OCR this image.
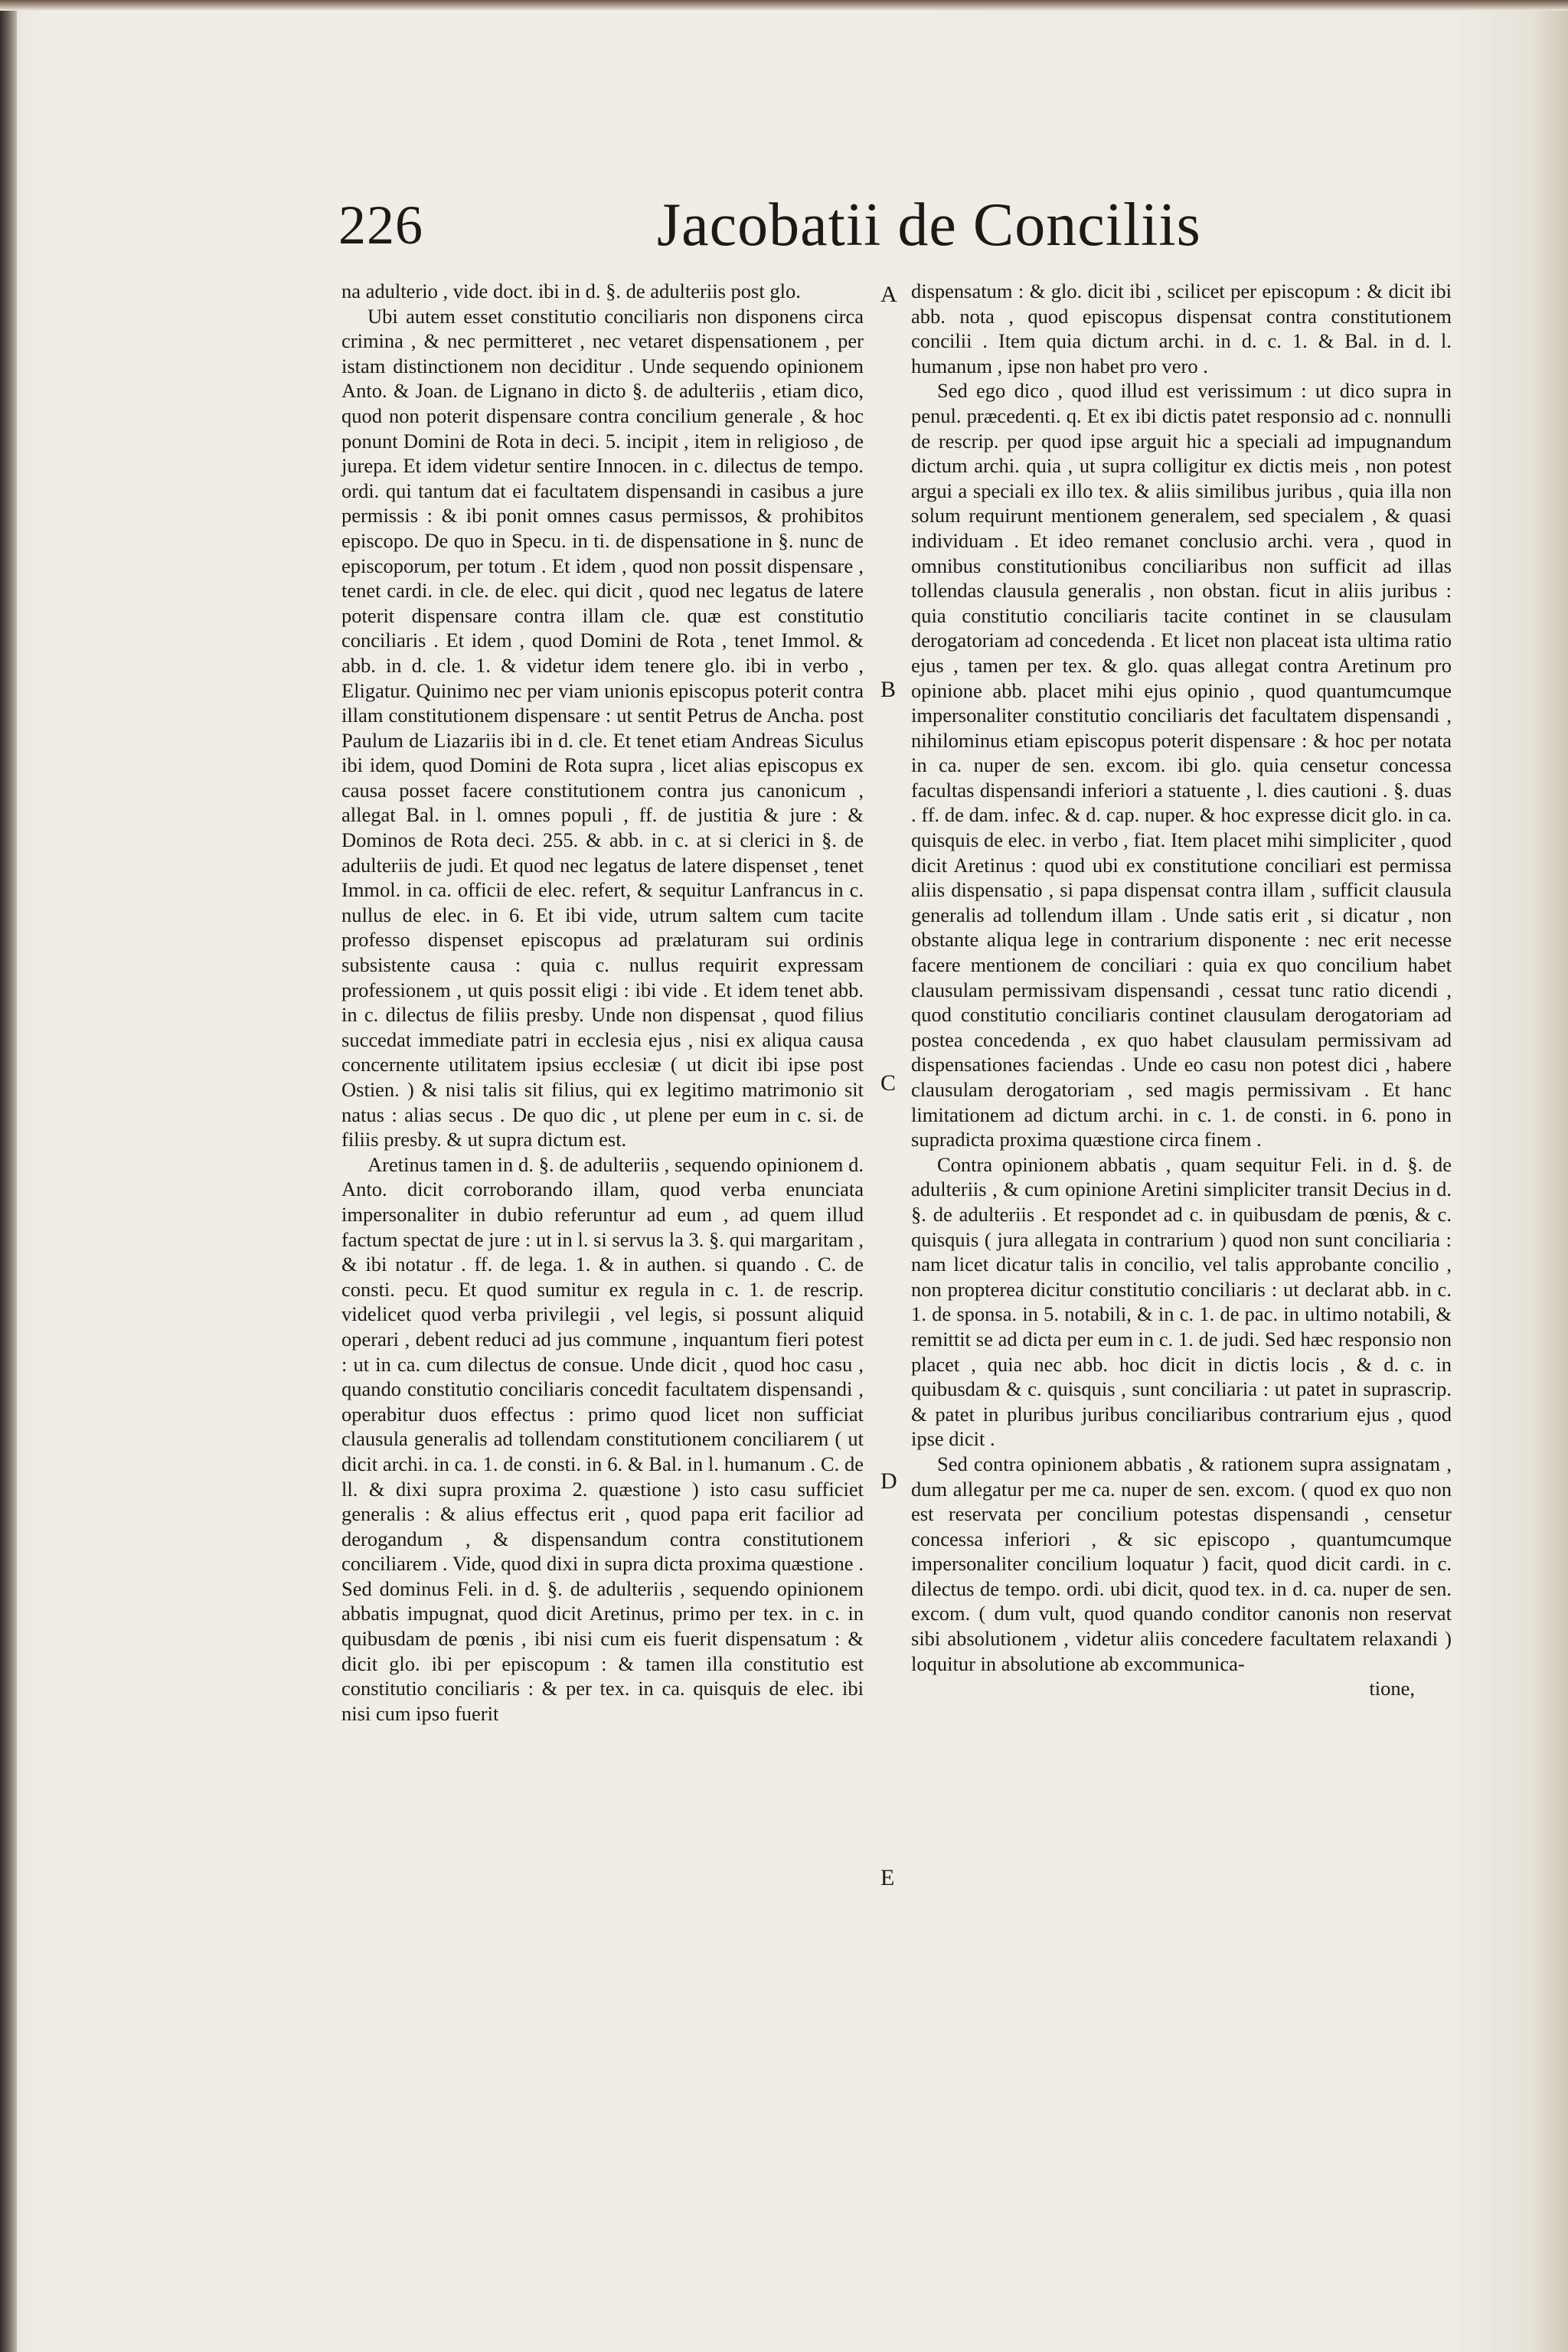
226	Jacobatii de Conciliis

na adulterio , vide doct. ibi in d. §. de adulteriis post glo.

Ubi autem esset constitutio conciliaris non disponens circa crimina , & nec permitteret , nec vetaret dispensationem , per istam distinctionem non deciditur . Unde sequendo opinionem Anto. & Joan. de Lignano in dicto §. de adulteriis , etiam dico, quod non poterit dispensare contra concilium generale , & hoc ponunt Domini de Rota in deci. 5. incipit , item in religioso , de jurepa. Et idem videtur sentire Innocen. in c. dilectus de tempo. ordi. qui tantum dat ei facultatem dispensandi in casibus a jure permissis : & ibi ponit omnes casus permissos, & prohibitos episcopo. De quo in Specu. in ti. de dispensatione in §. nunc de episcoporum, per totum . Et idem , quod non possit dispensare , tenet cardi. in cle. de elec. qui dicit , quod nec legatus de latere poterit dispensare contra illam cle. quæ est constitutio conciliaris . Et idem , quod Domini de Rota , tenet Immol. & abb. in d. cle. 1. & videtur idem tenere glo. ibi in verbo , Eligatur. Quinimo nec per viam unionis episcopus poterit contra illam constitutionem dispensare : ut sentit Petrus de Ancha. post Paulum de Liazariis ibi in d. cle. Et tenet etiam Andreas Siculus ibi idem, quod Domini de Rota supra , licet alias episcopus ex causa posset facere constitutionem contra jus canonicum , allegat Bal. in l. omnes populi , ff. de justitia & jure : & Dominos de Rota deci. 255. & abb. in c. at si clerici in §. de adulteriis de judi. Et quod nec legatus de latere dispenset , tenet Immol. in ca. officii de elec. refert, & sequitur Lanfrancus in c. nullus de elec. in 6. Et ibi vide, utrum saltem cum tacite professo dispenset episcopus ad prælaturam sui ordinis subsistente causa : quia c. nullus requirit expressam professionem , ut quis possit eligi : ibi vide . Et idem tenet abb. in c. dilectus de filiis presby. Unde non dispensat , quod filius succedat immediate patri in ecclesia ejus , nisi ex aliqua causa concernente utilitatem ipsius ecclesiæ ( ut dicit ibi ipse post Ostien. ) & nisi talis sit filius, qui ex legitimo matrimonio sit natus : alias secus . De quo dic , ut plene per eum in c. si. de filiis presby. & ut supra dictum est.

Aretinus tamen in d. §. de adulteriis , sequendo opinionem d. Anto. dicit corroborando illam, quod verba enunciata impersonaliter in dubio referuntur ad eum , ad quem illud factum spectat de jure : ut in l. si servus la 3. §. qui margaritam , & ibi notatur . ff. de lega. 1. & in authen. si quando . C. de consti. pecu. Et quod sumitur ex regula in c. 1. de rescrip. videlicet quod verba privilegii , vel legis, si possunt aliquid operari , debent reduci ad jus commune , inquantum fieri potest : ut in ca. cum dilectus de consue. Unde dicit , quod hoc casu , quando constitutio conciliaris concedit facultatem dispensandi , operabitur duos effectus : primo quod licet non sufficiat clausula generalis ad tollendam constitutionem conciliarem ( ut dicit archi. in ca. 1. de consti. in 6. & Bal. in l. humanum . C. de ll. & dixi supra proxima 2. quæstione ) isto casu sufficiet generalis : & alius effectus erit , quod papa erit facilior ad derogandum , & dispensandum contra constitutionem conciliarem . Vide, quod dixi in supra dicta proxima quæstione . Sed dominus Feli. in d. §. de adulteriis , sequendo opinionem abbatis impugnat, quod dicit Aretinus, primo per tex. in c. in quibusdam de pœnis , ibi nisi cum eis fuerit dispensatum : & dicit glo. ibi per episcopum : & tamen illa constitutio est constitutio conciliaris : & per tex. in ca. quisquis de elec. ibi nisi cum ipso fuerit

A
B
C
D
E

dispensatum : & glo. dicit ibi , scilicet per episcopum : & dicit ibi abb. nota , quod episcopus dispensat contra constitutionem concilii . Item quia dictum archi. in d. c. 1. & Bal. in d. l. humanum , ipse non habet pro vero .

Sed ego dico , quod illud est verissimum : ut dico supra in penul. præcedenti. q. Et ex ibi dictis patet responsio ad c. nonnulli de rescrip. per quod ipse arguit hic a speciali ad impugnandum dictum archi. quia , ut supra colligitur ex dictis meis , non potest argui a speciali ex illo tex. & aliis similibus juribus , quia illa non solum requirunt mentionem generalem, sed specialem , & quasi individuam . Et ideo remanet conclusio archi. vera , quod in omnibus constitutionibus conciliaribus non sufficit ad illas tollendas clausula generalis , non obstan. ficut in aliis juribus : quia constitutio conciliaris tacite continet in se clausulam derogatoriam ad concedenda . Et licet non placeat ista ultima ratio ejus , tamen per tex. & glo. quas allegat contra Aretinum pro opinione abb. placet mihi ejus opinio , quod quantumcumque impersonaliter constitutio conciliaris det facultatem dispensandi , nihilominus etiam episcopus poterit dispensare : & hoc per notata in ca. nuper de sen. excom. ibi glo. quia censetur concessa facultas dispensandi inferiori a statuente , l. dies cautioni . §. duas . ff. de dam. infec. & d. cap. nuper. & hoc expresse dicit glo. in ca. quisquis de elec. in verbo , fiat. Item placet mihi simpliciter , quod dicit Aretinus : quod ubi ex constitutione conciliari est permissa aliis dispensatio , si papa dispensat contra illam , sufficit clausula generalis ad tollendum illam . Unde satis erit , si dicatur , non obstante aliqua lege in contrarium disponente : nec erit necesse facere mentionem de conciliari : quia ex quo concilium habet clausulam permissivam dispensandi , cessat tunc ratio dicendi , quod constitutio conciliaris continet clausulam derogatoriam ad postea concedenda , ex quo habet clausulam permissivam ad dispensationes faciendas . Unde eo casu non potest dici , habere clausulam derogatoriam , sed magis permissivam . Et hanc limitationem ad dictum archi. in c. 1. de consti. in 6. pono in supradicta proxima quæstione circa finem .

Contra opinionem abbatis , quam sequitur Feli. in d. §. de adulteriis , & cum opinione Aretini simpliciter transit Decius in d. §. de adulteriis . Et respondet ad c. in quibusdam de pœnis, & c. quisquis ( jura allegata in contrarium ) quod non sunt conciliaria : nam licet dicatur talis in concilio, vel talis approbante concilio , non propterea dicitur constitutio conciliaris : ut declarat abb. in c. 1. de sponsa. in 5. notabili, & in c. 1. de pac. in ultimo notabili, & remittit se ad dicta per eum in c. 1. de judi. Sed hæc responsio non placet , quia nec abb. hoc dicit in dictis locis , & d. c. in quibusdam & c. quisquis , sunt conciliaria : ut patet in suprascrip. & patet in pluribus juribus conciliaribus contrarium ejus , quod ipse dicit .

Sed contra opinionem abbatis , & rationem supra assignatam , dum allegatur per me ca. nuper de sen. excom. ( quod ex quo non est reservata per concilium potestas dispensandi , censetur concessa inferiori , & sic episcopo , quantumcumque impersonaliter concilium loquatur ) facit, quod dicit cardi. in c. dilectus de tempo. ordi. ubi dicit, quod tex. in d. ca. nuper de sen. excom. ( dum vult, quod quando conditor canonis non reservat sibi absolutionem , videtur aliis concedere facultatem relaxandi ) loquitur in absolutione ab excommunica-

tione,
